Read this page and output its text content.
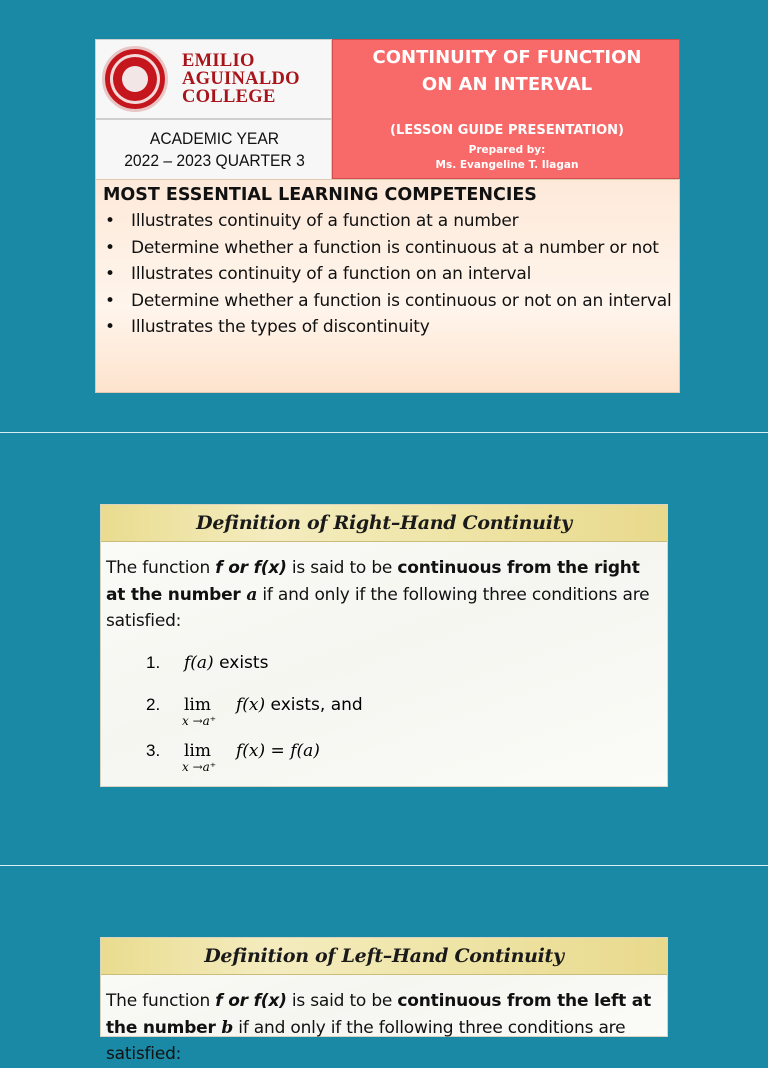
EMILIO
AGUINALDO
COLLEGE
ACADEMIC YEAR
2022 – 2023 QUARTER 3
CONTINUITY OF FUNCTION
ON AN INTERVAL
(LESSON GUIDE PRESENTATION)
Prepared by:
Ms. Evangeline T. Ilagan
MOST ESSENTIAL LEARNING COMPETENCIES
• Illustrates continuity of a function at a number
• Determine whether a function is continuous at a number or not
• Illustrates continuity of a function on an interval
• Determine whether a function is continuous or not on an interval
• Illustrates the types of discontinuity
Definition of Right–Hand Continuity
The function f or f(x) is said to be continuous from the right at the number a if and only if the following three conditions are satisfied:
1. f(a) exists
2. lim
x →a⁺
f(x) exists, and
3. lim
x →a⁺
f(x) = f(a)
Definition of Left–Hand Continuity
The function f or f(x) is said to be continuous from the left at the number b if and only if the following three conditions are satisfied:
